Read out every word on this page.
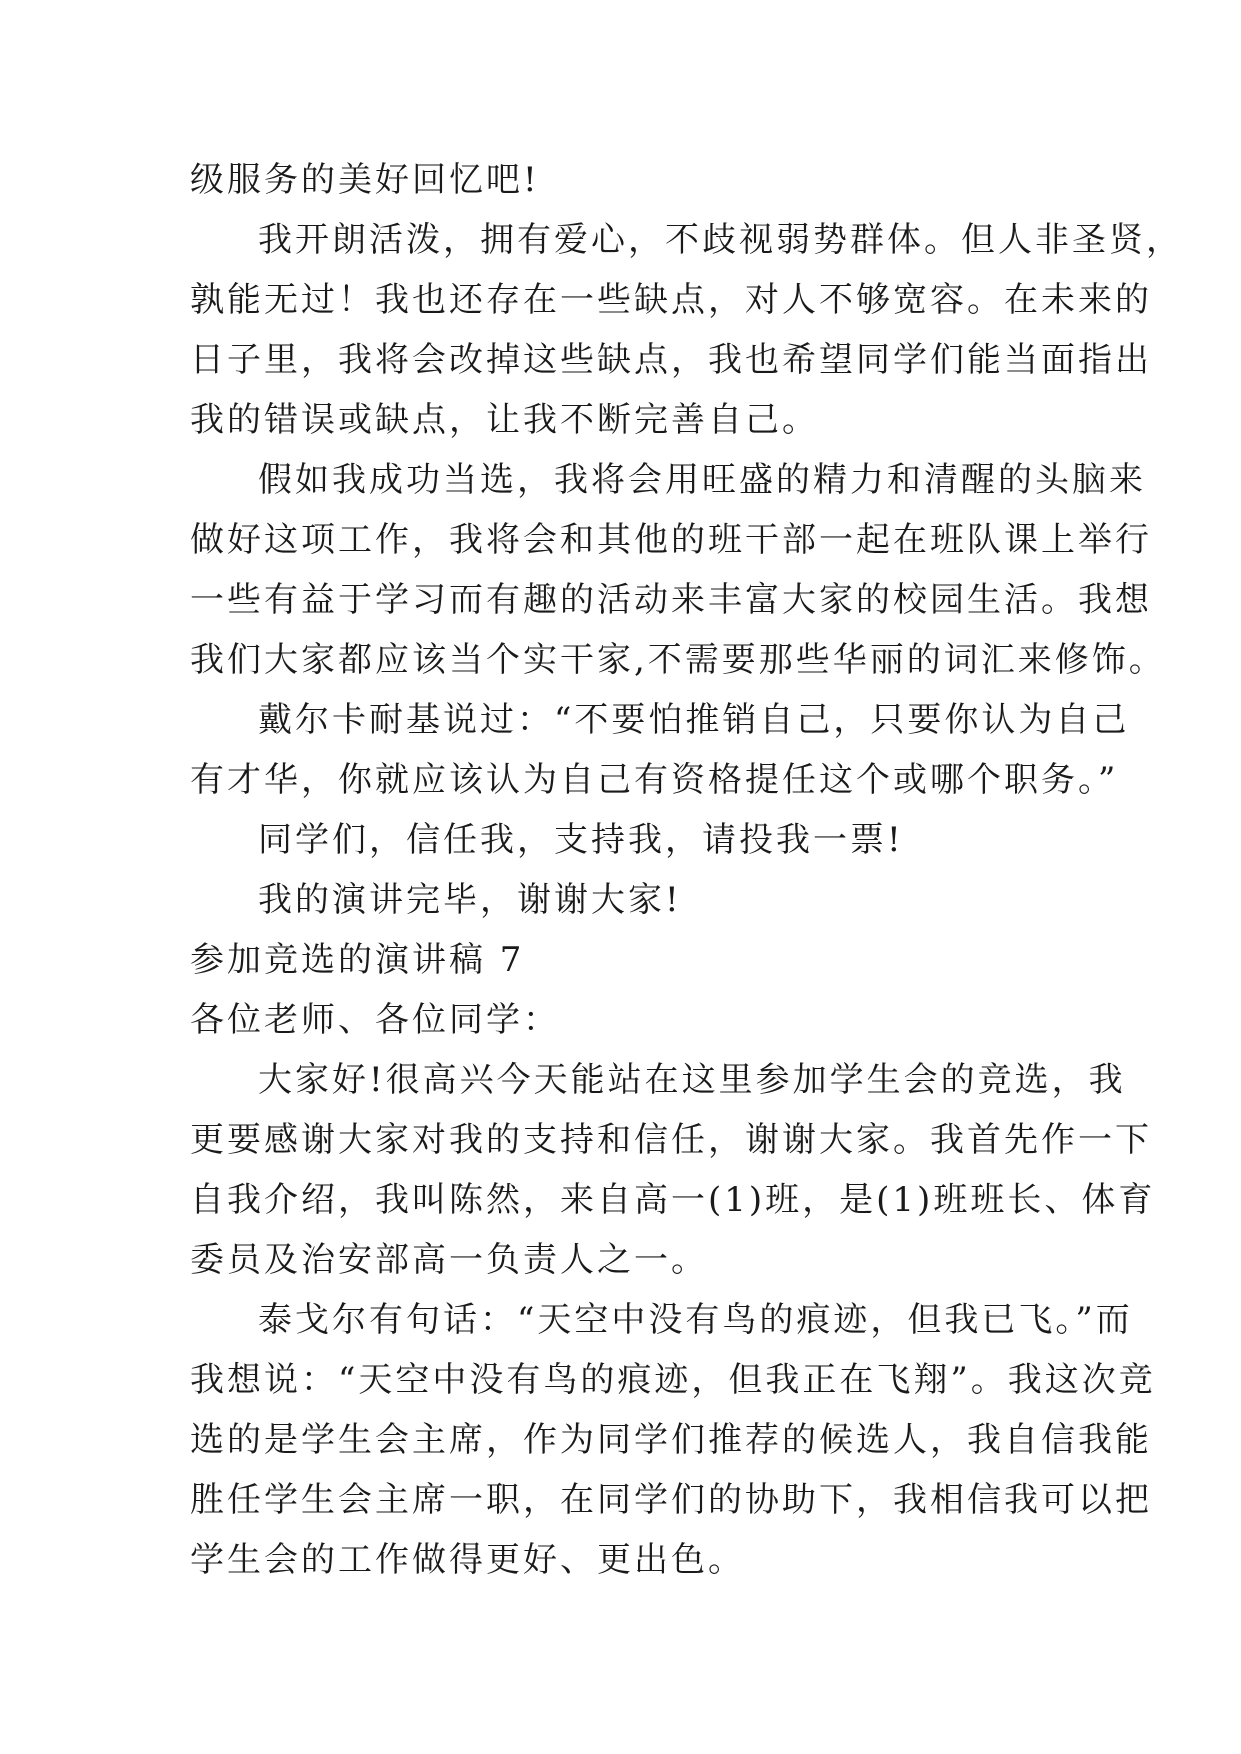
级服务的美好回忆吧!
我开朗活泼，拥有爱心，不歧视弱势群体。但人非圣贤，
孰能无过！我也还存在一些缺点，对人不够宽容。在未来的
日子里，我将会改掉这些缺点，我也希望同学们能当面指出
我的错误或缺点，让我不断完善自己。
假如我成功当选，我将会用旺盛的精力和清醒的头脑来
做好这项工作，我将会和其他的班干部一起在班队课上举行
一些有益于学习而有趣的活动来丰富大家的校园生活。我想
我们大家都应该当个实干家,不需要那些华丽的词汇来修饰。
戴尔卡耐基说过：“不要怕推销自己，只要你认为自己
有才华，你就应该认为自己有资格提任这个或哪个职务。”
同学们，信任我，支持我，请投我一票!
我的演讲完毕，谢谢大家!
参加竞选的演讲稿 7
各位老师、各位同学：
大家好!很高兴今天能站在这里参加学生会的竞选，我
更要感谢大家对我的支持和信任，谢谢大家。我首先作一下
自我介绍，我叫陈然，来自高一(1)班，是(1)班班长、体育
委员及治安部高一负责人之一。
泰戈尔有句话：“天空中没有鸟的痕迹，但我已飞。”而
我想说：“天空中没有鸟的痕迹，但我正在飞翔”。我这次竞
选的是学生会主席，作为同学们推荐的候选人，我自信我能
胜任学生会主席一职，在同学们的协助下，我相信我可以把
学生会的工作做得更好、更出色。
